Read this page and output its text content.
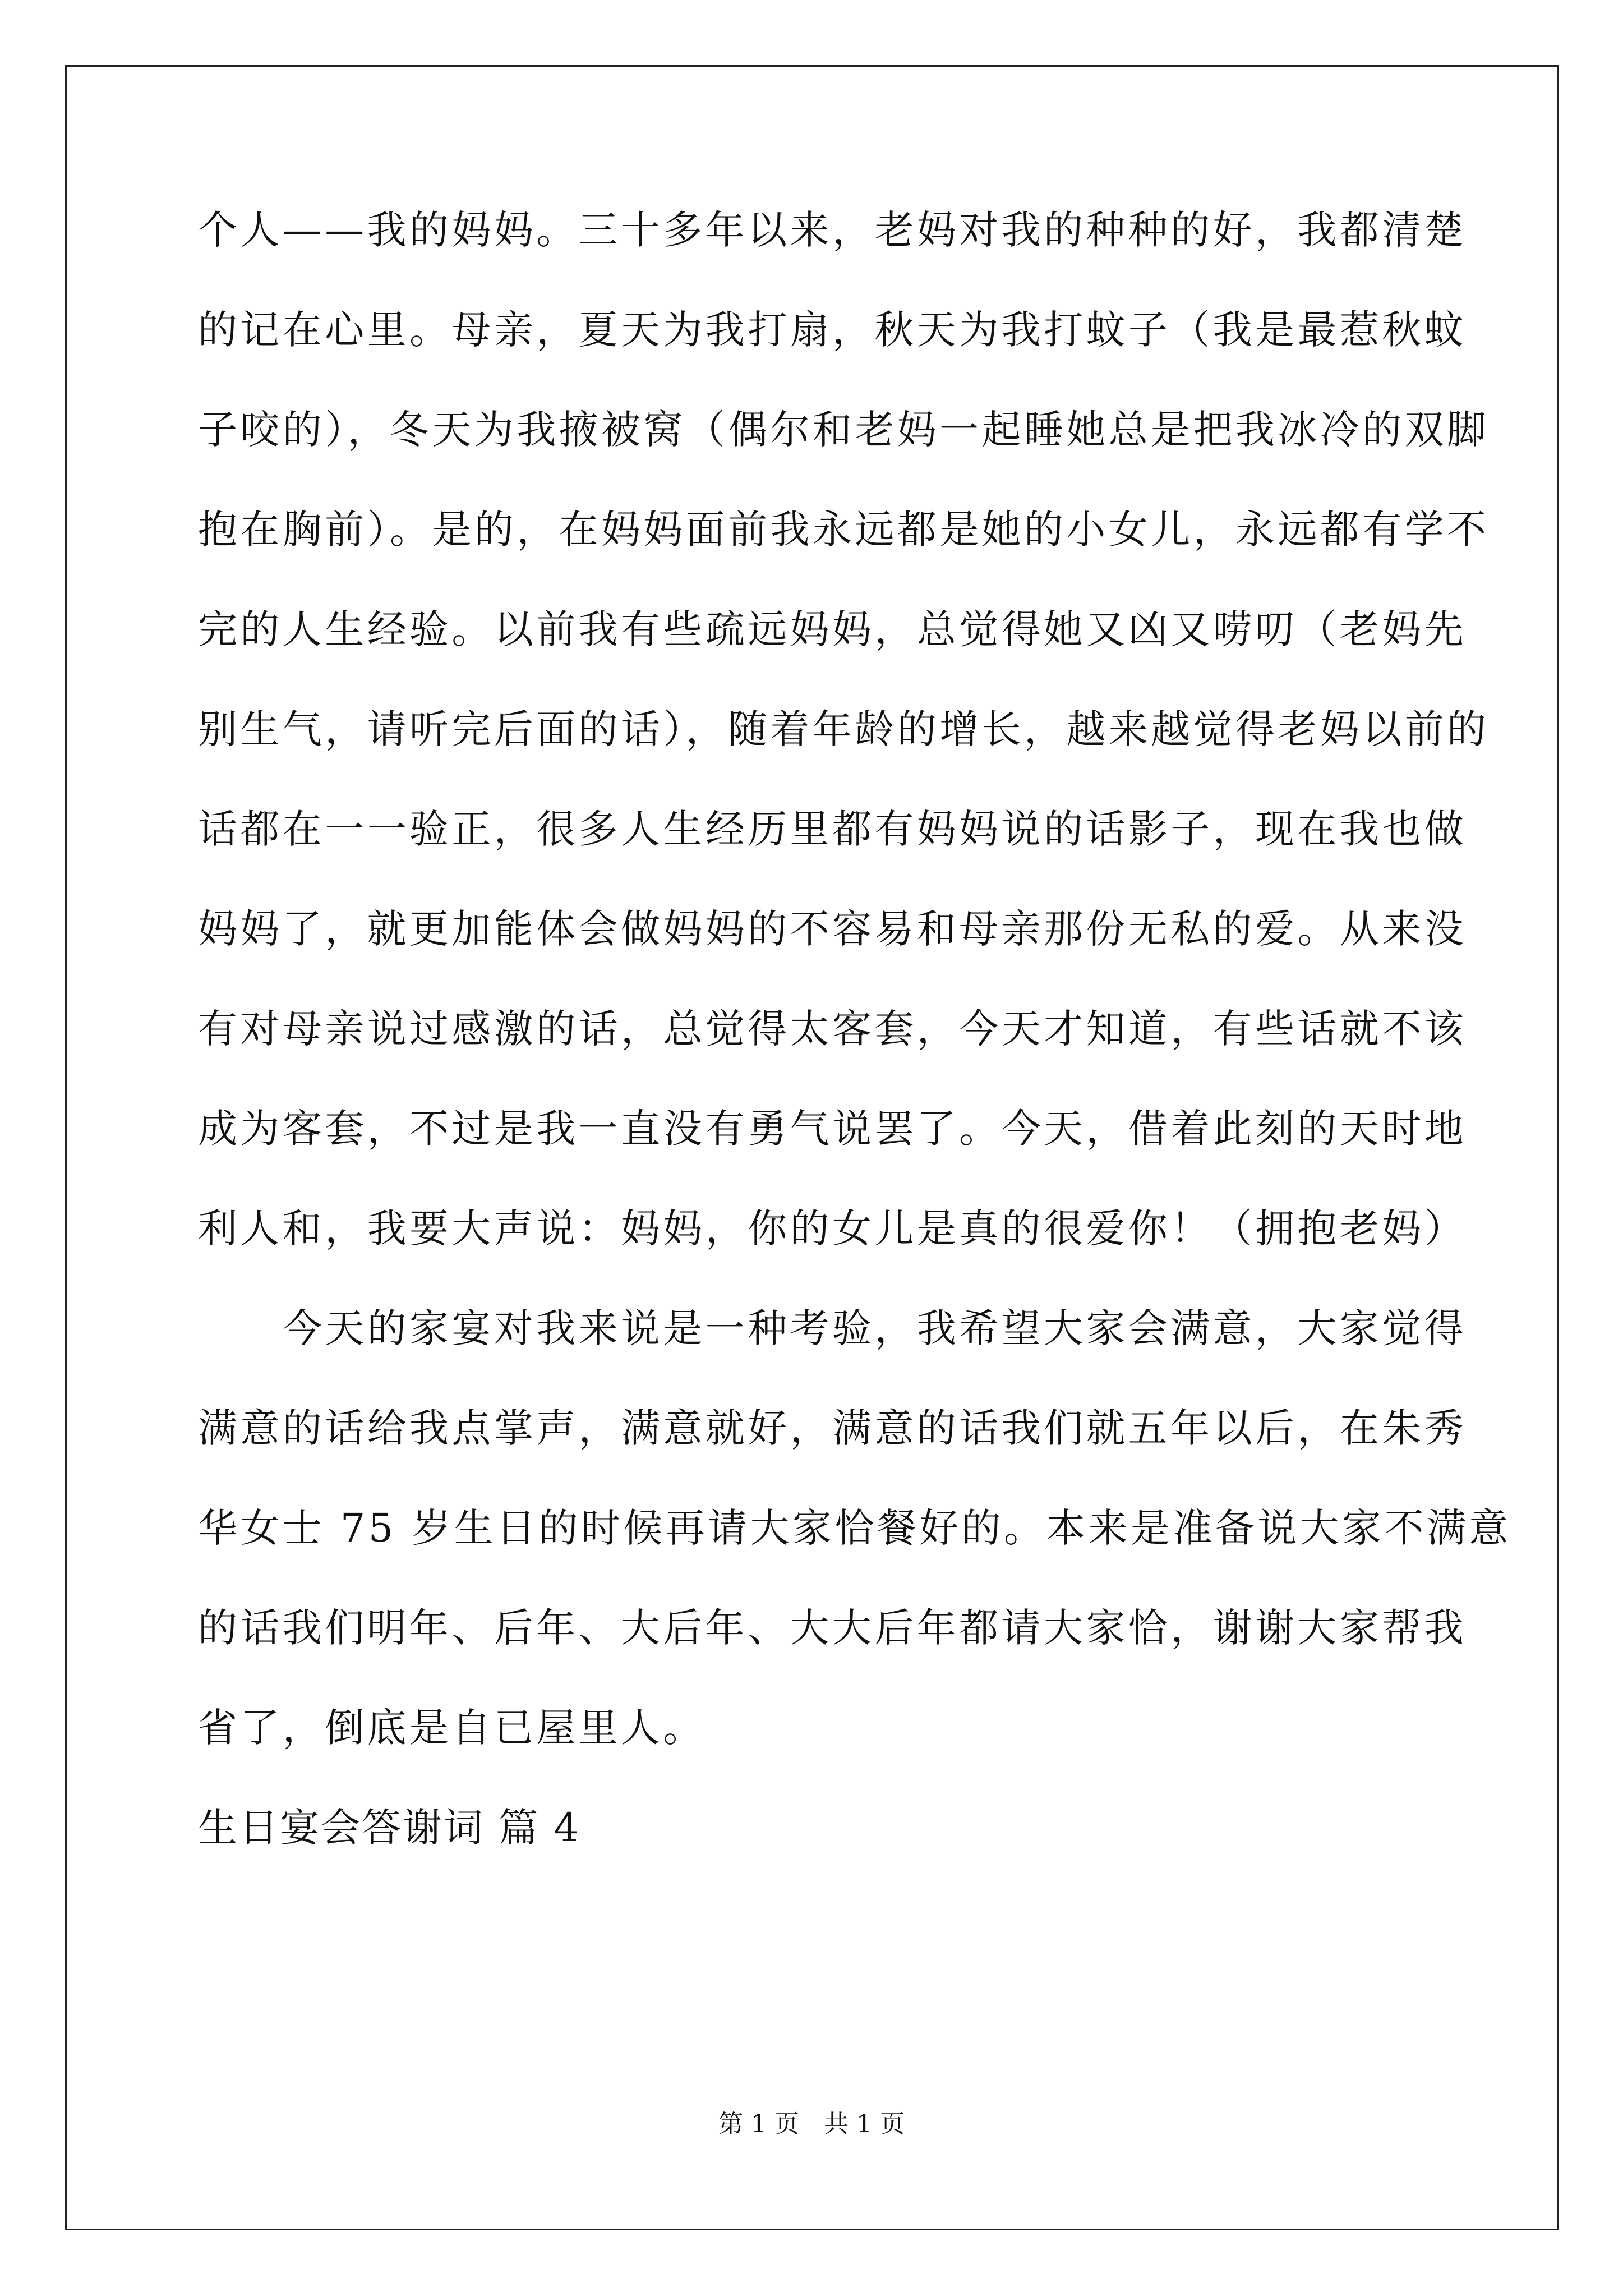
个人——我的妈妈。三十多年以来，老妈对我的种种的好，我都清楚
的记在心里。母亲，夏天为我打扇，秋天为我打蚊子（我是最惹秋蚊
子咬的），冬天为我掖被窝（偶尔和老妈一起睡她总是把我冰冷的双脚
抱在胸前）。是的，在妈妈面前我永远都是她的小女儿，永远都有学不
完的人生经验。以前我有些疏远妈妈，总觉得她又凶又唠叨（老妈先
别生气，请听完后面的话），随着年龄的增长，越来越觉得老妈以前的
话都在一一验正，很多人生经历里都有妈妈说的话影子，现在我也做
妈妈了，就更加能体会做妈妈的不容易和母亲那份无私的爱。从来没
有对母亲说过感激的话，总觉得太客套，今天才知道，有些话就不该
成为客套，不过是我一直没有勇气说罢了。今天，借着此刻的天时地
利人和，我要大声说：妈妈，你的女儿是真的很爱你！（拥抱老妈）
　　今天的家宴对我来说是一种考验，我希望大家会满意，大家觉得
满意的话给我点掌声，满意就好，满意的话我们就五年以后，在朱秀
华女士 75 岁生日的时候再请大家恰餐好的。本来是准备说大家不满意
的话我们明年、后年、大后年、大大后年都请大家恰，谢谢大家帮我
省了，倒底是自已屋里人。
生日宴会答谢词 篇 4
第 1 页　共 1 页
